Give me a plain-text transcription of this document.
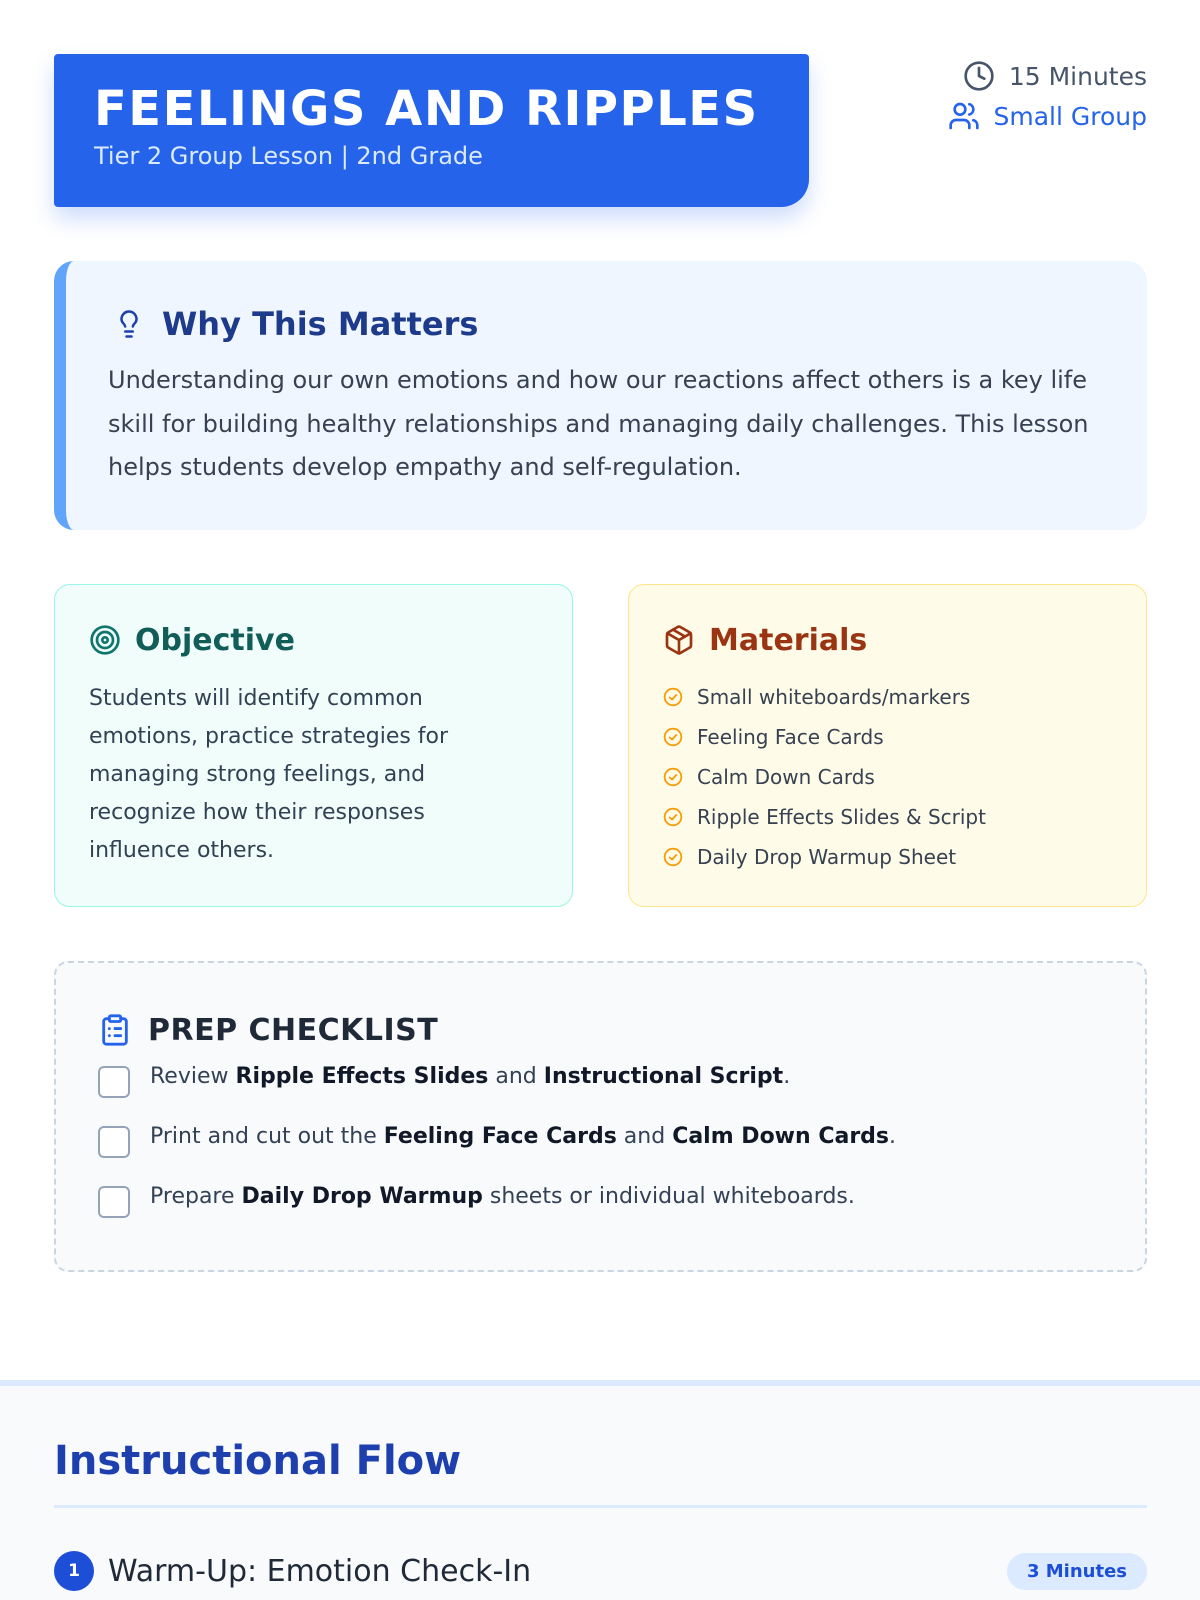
FEELINGS AND RIPPLES
Tier 2 Group Lesson | 2nd Grade
15 Minutes
Small Group
Why This Matters
Understanding our own emotions and how our reactions affect others is a key life skill for building healthy relationships and managing daily challenges. This lesson helps students develop empathy and self-regulation.
Objective
Students will identify common emotions, practice strategies for managing strong feelings, and recognize how their responses influence others.
Materials
Small whiteboards/markers
Feeling Face Cards
Calm Down Cards
Ripple Effects Slides & Script
Daily Drop Warmup Sheet
PREP CHECKLIST
Review Ripple Effects Slides and Instructional Script.
Print and cut out the Feeling Face Cards and Calm Down Cards.
Prepare Daily Drop Warmup sheets or individual whiteboards.
Instructional Flow
1 Warm-Up: Emotion Check-In	3 Minutes
